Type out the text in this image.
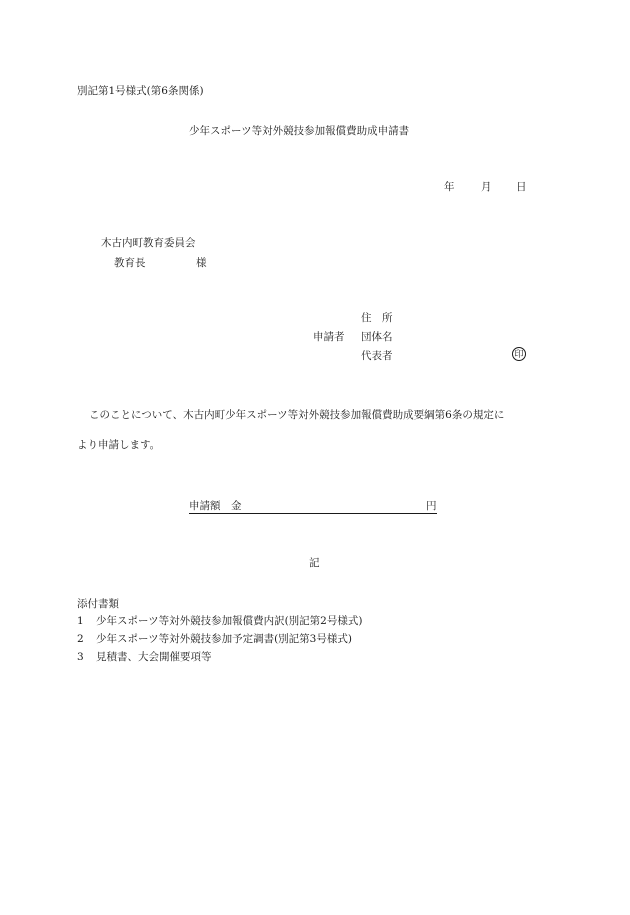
別記第1号様式(第6条関係)
少年スポーツ等対外競技参加報償費助成申請書
年	月 日
木古内町教育委員会
教育長	様
住　所
申請者 団体名
代表者	印
このことについて、木古内町少年スポーツ等対外競技参加報償費助成要綱第6条の規定に
より申請します。
申請額　金	円
記
添付書類
1 少年スポーツ等対外競技参加報償費内訳(別記第2号様式)
2 少年スポーツ等対外競技参加予定調書(別記第3号様式)
3 見積書、大会開催要項等
